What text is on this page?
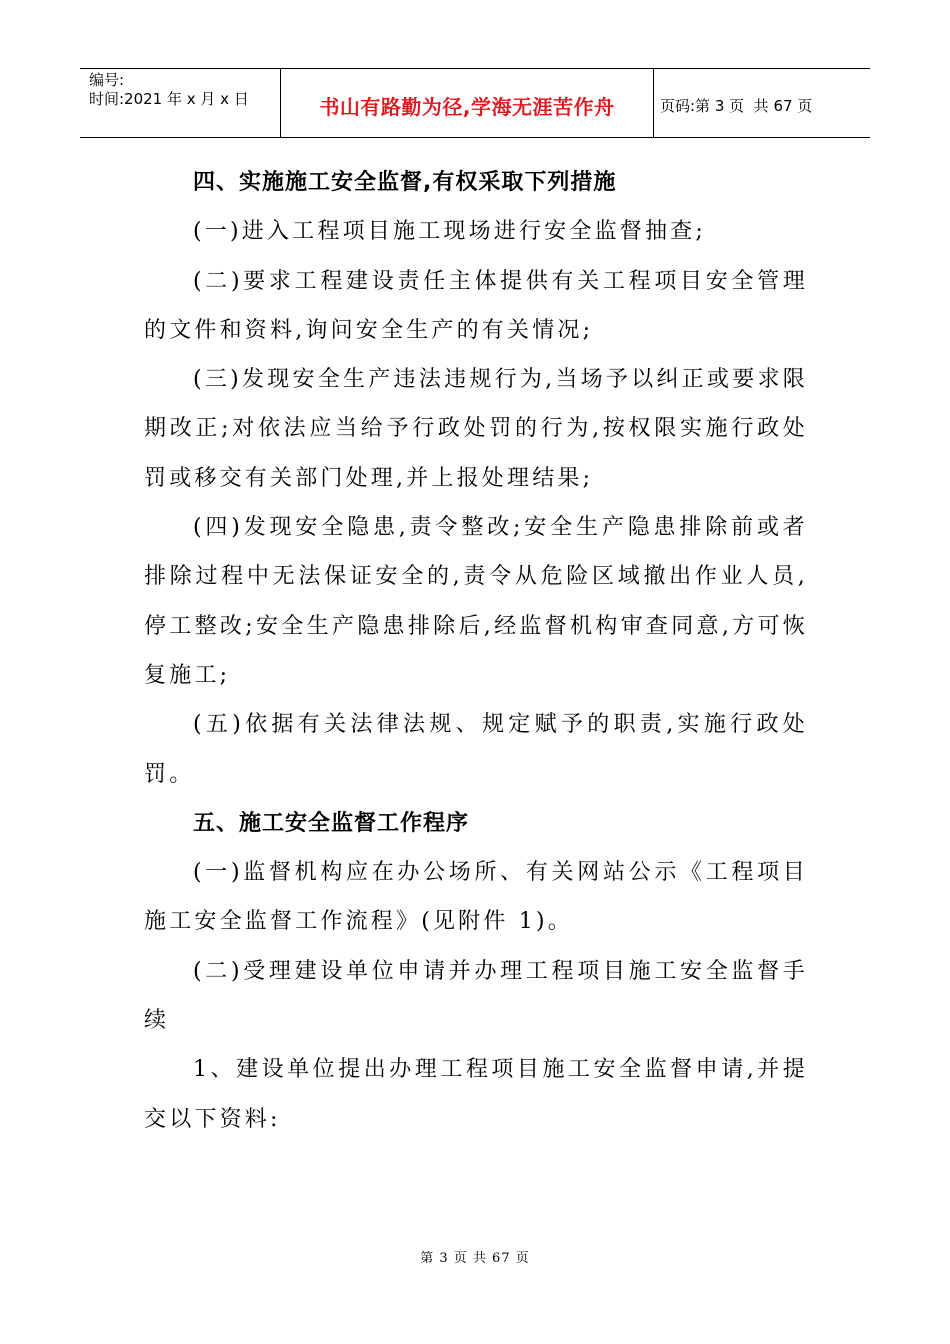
编号:
时间:2021 年 x 月 x 日	书山有路勤为径,学海无涯苦作舟	页码:第 3 页  共 67 页

四、实施施工安全监督,有权采取下列措施

(一)进入工程项目施工现场进行安全监督抽查;

(二)要求工程建设责任主体提供有关工程项目安全管理的文件和资料,询问安全生产的有关情况;

(三)发现安全生产违法违规行为,当场予以纠正或要求限期改正;对依法应当给予行政处罚的行为,按权限实施行政处罚或移交有关部门处理,并上报处理结果;

(四)发现安全隐患,责令整改;安全生产隐患排除前或者排除过程中无法保证安全的,责令从危险区域撤出作业人员,停工整改;安全生产隐患排除后,经监督机构审查同意,方可恢复施工;

(五)依据有关法律法规、规定赋予的职责,实施行政处罚。

五、施工安全监督工作程序

(一)监督机构应在办公场所、有关网站公示《工程项目施工安全监督工作流程》(见附件 1)。

(二)受理建设单位申请并办理工程项目施工安全监督手续

1、建设单位提出办理工程项目施工安全监督申请,并提交以下资料:

第 3 页 共 67 页
